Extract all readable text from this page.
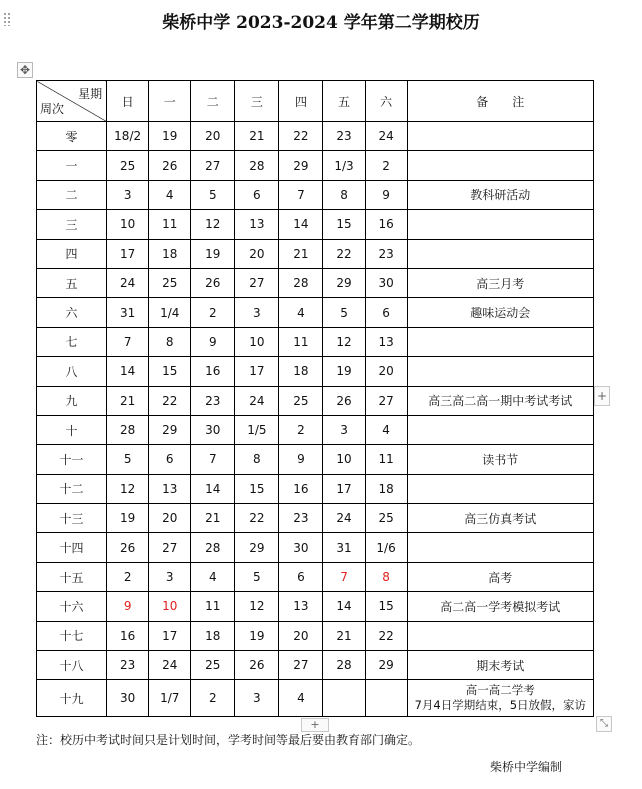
柴桥中学 2023-2024 学年第二学期校历
✥
星期
周次	日	一	二	三	四	五	六	备　　注
零	18/2	19	20	21	22	23	24	
一	25	26	27	28	29	1/3	2	
二	3	4	5	6	7	8	9	教科研活动
三	10	11	12	13	14	15	16	
四	17	18	19	20	21	22	23	
五	24	25	26	27	28	29	30	高三月考
六	31	1/4	2	3	4	5	6	趣味运动会
七	7	8	9	10	11	12	13	
八	14	15	16	17	18	19	20	
九	21	22	23	24	25	26	27	高三高二高一期中考试考试
十	28	29	30	1/5	2	3	4	
十一	5	6	7	8	9	10	11	读书节
十二	12	13	14	15	16	17	18	
十三	19	20	21	22	23	24	25	高三仿真考试
十四	26	27	28	29	30	31	1/6	
十五	2	3	4	5	6	7	8	高考
十六	9	10	11	12	13	14	15	高二高一学考模拟考试
十七	16	17	18	19	20	21	22	
十八	23	24	25	26	27	28	29	期末考试
十九	30	1/7	2	3	4			高一高二学考
7月4日学期结束，5日放假，家访
+
+	⤡
注：校历中考试时间只是计划时间，学考时间等最后要由教育部门确定。
柴桥中学编制
